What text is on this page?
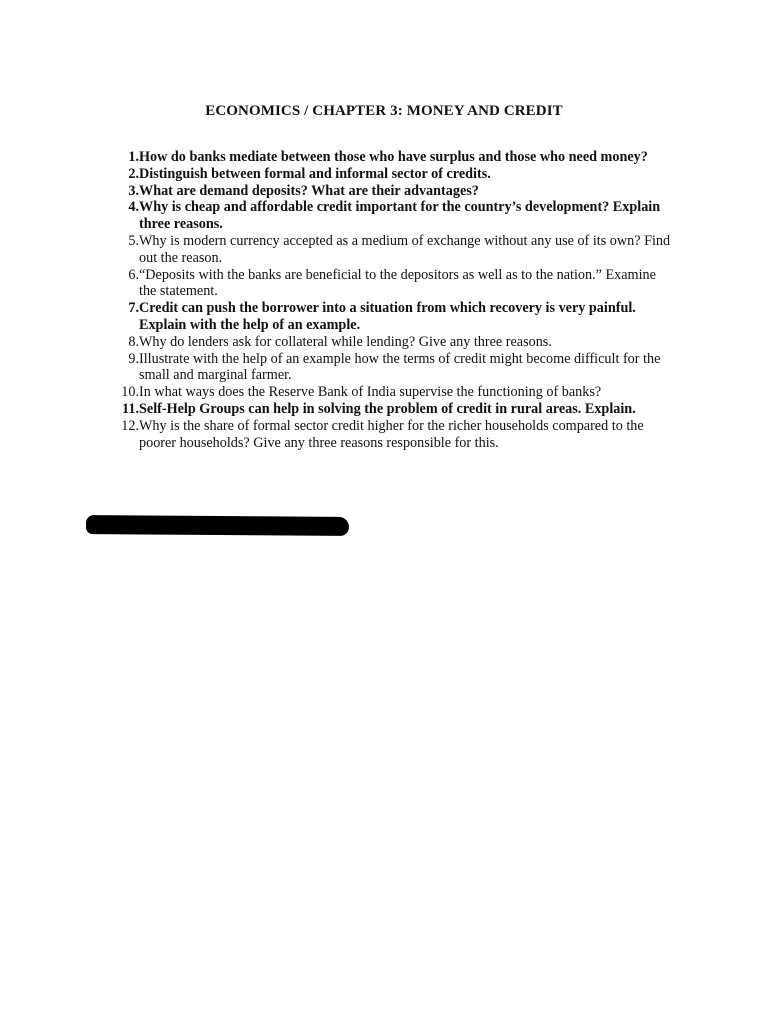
ECONOMICS / CHAPTER 3: MONEY AND CREDIT
1. How do banks mediate between those who have surplus and those who need money?
2. Distinguish between formal and informal sector of credits.
3. What are demand deposits? What are their advantages?
4. Why is cheap and affordable credit important for the country’s development? Explain three reasons.
5. Why is modern currency accepted as a medium of exchange without any use of its own? Find out the reason.
6. “Deposits with the banks are beneficial to the depositors as well as to the nation.” Examine the statement.
7. Credit can push the borrower into a situation from which recovery is very painful. Explain with the help of an example.
8. Why do lenders ask for collateral while lending? Give any three reasons.
9. Illustrate with the help of an example how the terms of credit might become difficult for the small and marginal farmer.
10. In what ways does the Reserve Bank of India supervise the functioning of banks?
11. Self-Help Groups can help in solving the problem of credit in rural areas. Explain.
12. Why is the share of formal sector credit higher for the richer households compared to the poorer households? Give any three reasons responsible for this.
